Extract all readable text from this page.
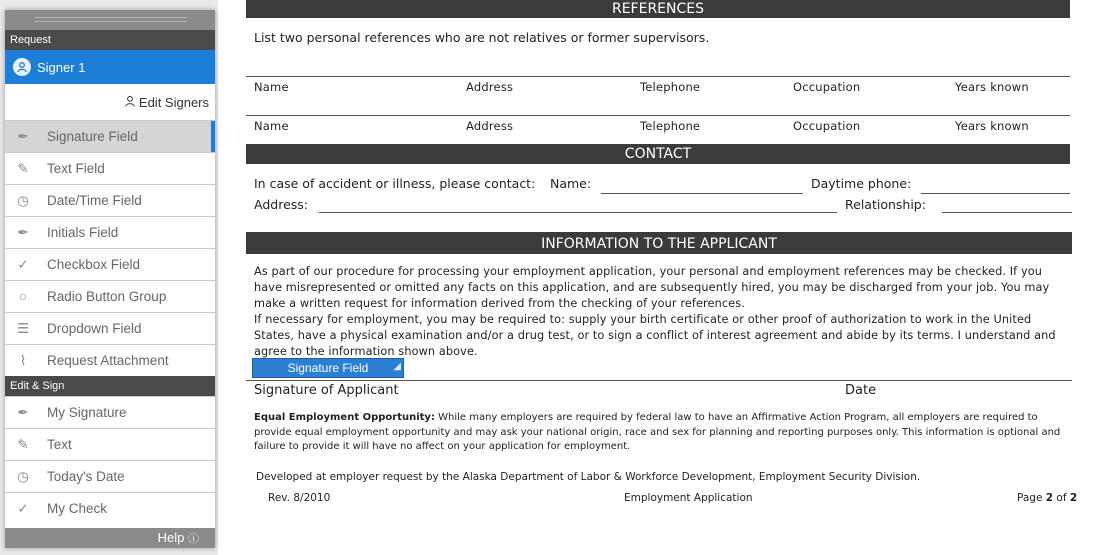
REFERENCES
List two personal references who are not relatives or former supervisors.
Name	Address	Telephone	Occupation	Years known
Name	Address	Telephone	Occupation	Years known
CONTACT
In case of accident or illness, please contact: Name:	Daytime phone:
Address:	Relationship:
INFORMATION TO THE APPLICANT

As part of our procedure for processing your employment application, your personal and employment references may be checked. If you have misrepresented or omitted any facts on this application, and are subsequently hired, you may be discharged from your job. You may make a written request for information derived from the checking of your references.

If necessary for employment, you may be required to: supply your birth certificate or other proof of authorization to work in the United States, have a physical examination and/or a drug test, or to sign a conflict of interest agreement and abide by its terms. I understand and agree to the information shown above.

Signature Field ◢
Signature of Applicant	Date
Equal Employment Opportunity: While many employers are required by federal law to have an Affirmative Action Program, all employers are required to provide equal employment opportunity and may ask your national origin, race and sex for planning and reporting purposes only. This information is optional and failure to provide it will have no affect on your application for employment.
Developed at employer request by the Alaska Department of Labor & Workforce Development, Employment Security Division.
Rev. 8/2010	Employment Application	Page 2 of 2
Request
Signer 1
Edit Signers
✒	Signature Field
✎	Text Field
◷	Date/Time Field
✒	Initials Field
✓	Checkbox Field
○	Radio Button Group
☰	Dropdown Field
⌇	Request Attachment
Edit & Sign
✒	My Signature
✎	Text
◷	Today's Date
✓	My Check
Help ⓘ
